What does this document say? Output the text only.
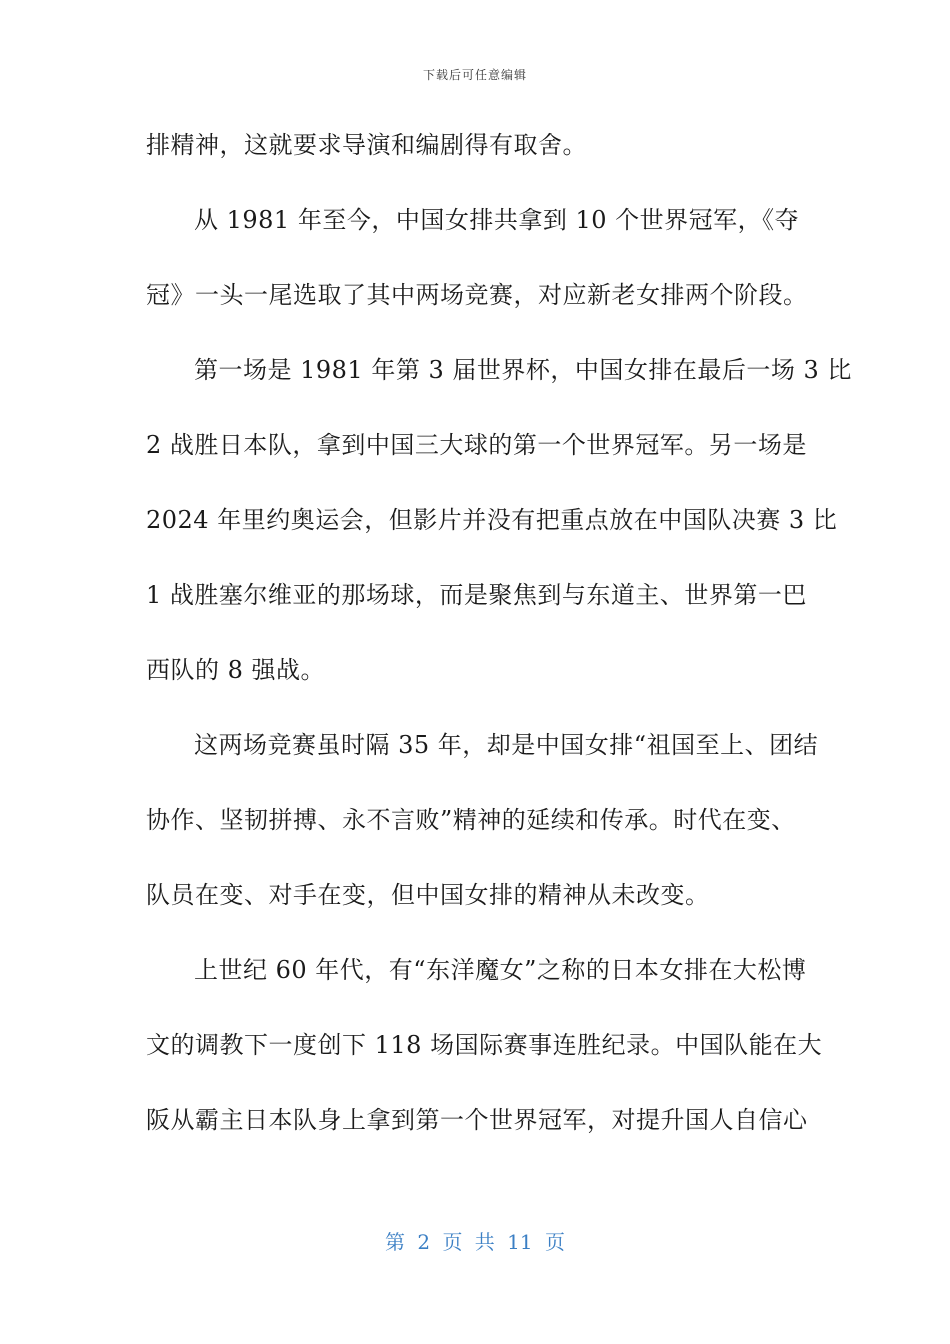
下载后可任意编辑
排精神，这就要求导演和编剧得有取舍。
从 1981 年至今，中国女排共拿到 10 个世界冠军，《夺
冠》一头一尾选取了其中两场竞赛，对应新老女排两个阶段。
第一场是 1981 年第 3 届世界杯，中国女排在最后一场 3 比
2 战胜日本队，拿到中国三大球的第一个世界冠军。另一场是
2024 年里约奥运会，但影片并没有把重点放在中国队决赛 3 比
1 战胜塞尔维亚的那场球，而是聚焦到与东道主、世界第一巴
西队的 8 强战。
这两场竞赛虽时隔 35 年，却是中国女排“祖国至上、团结
协作、坚韧拼搏、永不言败”精神的延续和传承。时代在变、
队员在变、对手在变，但中国女排的精神从未改变。
上世纪 60 年代，有“东洋魔女”之称的日本女排在大松博
文的调教下一度创下 118 场国际赛事连胜纪录。中国队能在大
阪从霸主日本队身上拿到第一个世界冠军，对提升国人自信心
第 2 页 共 11 页
